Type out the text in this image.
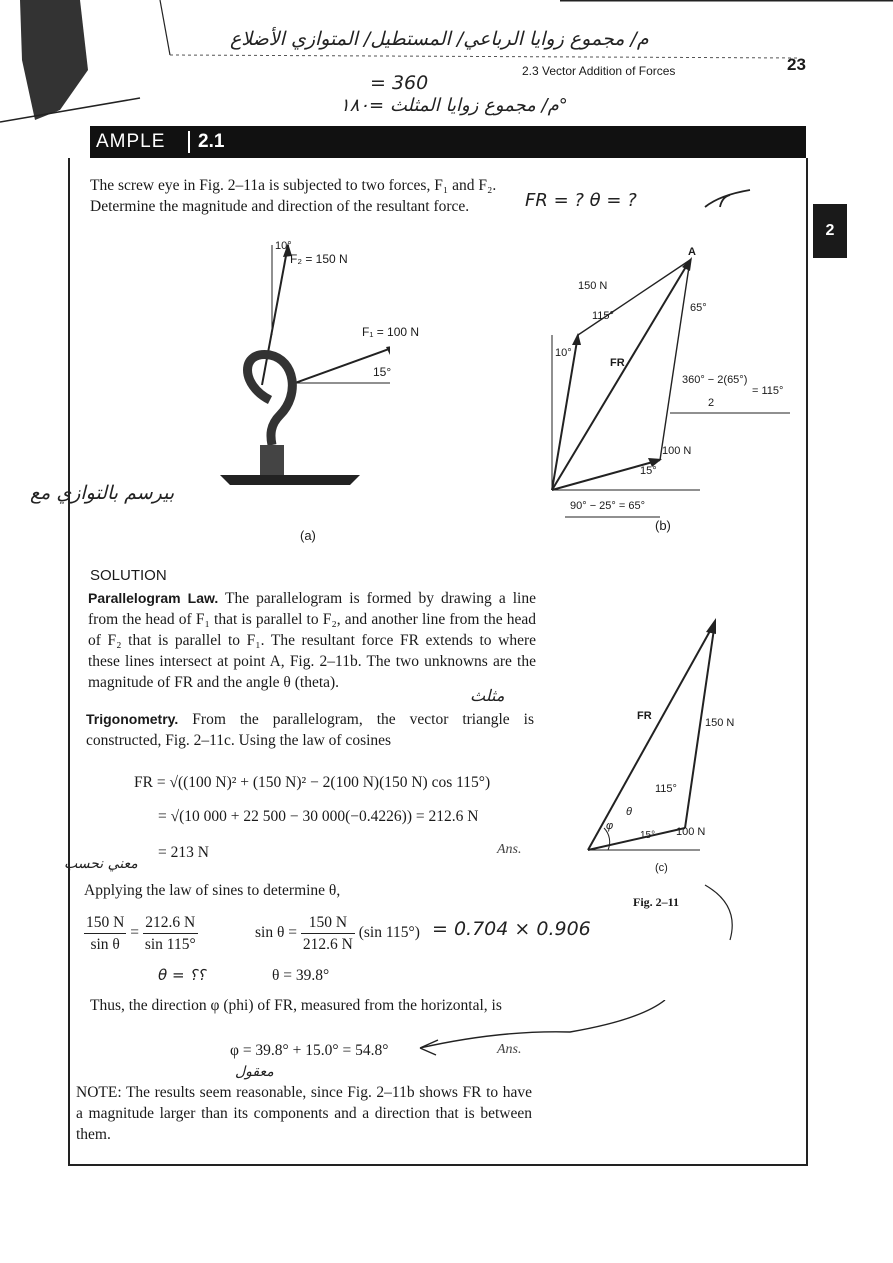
م/ مجموع زوايا الرباعي/ المستطيل/ المتوازي الأضلاع
= 360
م/ مجموع زوايا المثلث =١٨٠°
2.3 Vector Addition of Forces	23
AMPLE	2.1
2
The screw eye in Fig. 2–11a is subjected to two forces, F₁ and F₂.
Determine the magnitude and direction of the resultant force.	FR = ? θ = ?
10°
F₂ = 150 N
F₁ = 100 N
15°
(a)
بيرسم بالتوازي مع
A
150 N
115°
65°
FR
10°
360° − 2(65°)
2
= 115°
100 N
15°
90° − 25° = 65°
(b)
SOLUTION
Parallelogram Law. The parallelogram is formed by drawing a line from the head of F₁ that is parallel to F₂, and another line from the head of F₂ that is parallel to F₁. The resultant force FR extends to where these lines intersect at point A, Fig. 2–11b. The two unknowns are the magnitude of FR and the angle θ (theta).
مثلث
Trigonometry. From the parallelogram, the vector triangle is constructed, Fig. 2–11c. Using the law of cosines
FR = √((100 N)² + (150 N)² − 2(100 N)(150 N) cos 115°)
= √(10 000 + 22 500 − 30 000(−0.4226)) = 212.6 N
= 213 N	Ans.
معني نحسب
Applying the law of sines to determine θ,
$\frac{150 N}{\text{sin θ}} = \frac{212.6 N}{\sin 115^\circ}$	$\sin \theta = \frac{150 N}{212.6 N} (\sin$ 115°) = 0.704 × 0.906
θ = ؟؟	θ = 39.8°
Thus, the direction φ (phi) of FR, measured from the horizontal, is
φ = 39.8° + 15.0° = 54.8°	Ans.
معقول
NOTE: The results seem reasonable, since Fig. 2–11b shows FR to have a magnitude larger than its components and a direction that is between them.
FR
150 N
115°
θ
φ
15° 100 N
(c)
Fig. 2–11
